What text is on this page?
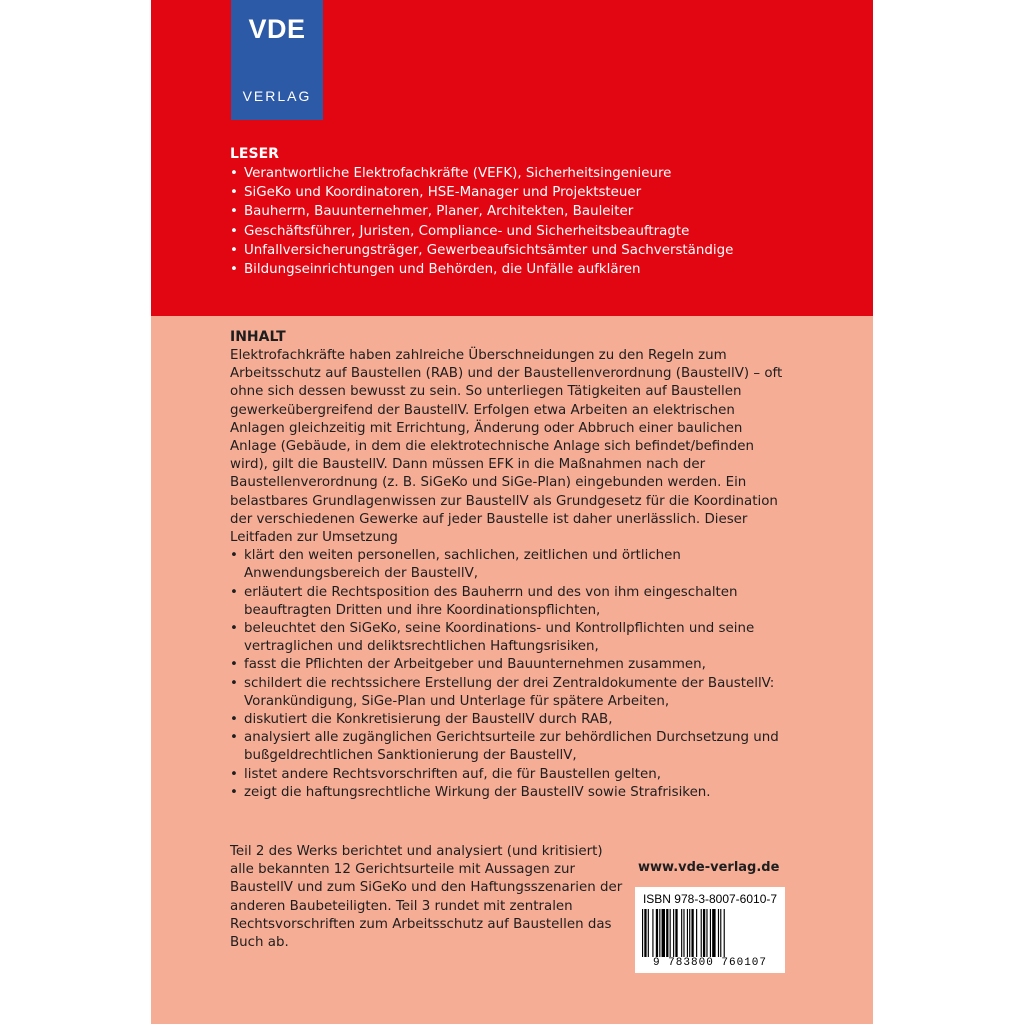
VDE
VERLAG
LESER
• Verantwortliche Elektrofachkräfte (VEFK), Sicherheitsingenieure
• SiGeKo und Koordinatoren, HSE-Manager und Projektsteuer
• Bauherrn, Bauunternehmer, Planer, Architekten, Bauleiter
• Geschäftsführer, Juristen, Compliance- und Sicherheitsbeauftragte
• Unfallversicherungsträger, Gewerbeaufsichtsämter und Sachverständige
• Bildungseinrichtungen und Behörden, die Unfälle aufklären
INHALT

Elektrofachkräfte haben zahlreiche Überschneidungen zu den Regeln zum Arbeitsschutz auf Baustellen (RAB) und der Baustellenverordnung (BaustellV) – oft ohne sich dessen bewusst zu sein. So unterliegen Tätigkeiten auf Baustellen gewerkeübergreifend der BaustellV. Erfolgen etwa Arbeiten an elektrischen Anlagen gleichzeitig mit Errichtung, Änderung oder Abbruch einer baulichen Anlage (Gebäude, in dem die elektrotechnische Anlage sich befindet/befinden wird), gilt die BaustellV. Dann müssen EFK in die Maßnahmen nach der Baustellenverordnung (z. B. SiGeKo und SiGe-Plan) eingebunden werden. Ein belastbares Grundlagenwissen zur BaustellV als Grundgesetz für die Koordination der verschiedenen Gewerke auf jeder Baustelle ist daher unerlässlich. Dieser Leitfaden zur Umsetzung

• klärt den weiten personellen, sachlichen, zeitlichen und örtlichen Anwendungsbereich der BaustellV,
• erläutert die Rechtsposition des Bauherrn und des von ihm eingeschalten beauftragten Dritten und ihre Koordinationspflichten,
• beleuchtet den SiGeKo, seine Koordinations- und Kontrollpflichten und seine vertraglichen und deliktsrechtlichen Haftungsrisiken,
• fasst die Pflichten der Arbeitgeber und Bauunternehmen zusammen,
• schildert die rechtssichere Erstellung der drei Zentraldokumente der BaustellV: Vorankündigung, SiGe-Plan und Unterlage für spätere Arbeiten,
• diskutiert die Konkretisierung der BaustellV durch RAB,
• analysiert alle zugänglichen Gerichtsurteile zur behördlichen Durchsetzung und bußgeldrechtlichen Sanktionierung der BaustellV,
• listet andere Rechtsvorschriften auf, die für Baustellen gelten,
• zeigt die haftungsrechtliche Wirkung der BaustellV sowie Strafrisiken.

Teil 2 des Werks berichtet und analysiert (und kritisiert) alle bekannten 12 Gerichtsurteile mit Aussagen zur BaustellV und zum SiGeKo und den Haftungsszenarien der anderen Baubeteiligten. Teil 3 rundet mit zentralen Rechtsvorschriften zum Arbeitsschutz auf Baustellen das Buch ab.

www.vde-verlag.de
ISBN 978-3-8007-6010-7
9 783800 760107
